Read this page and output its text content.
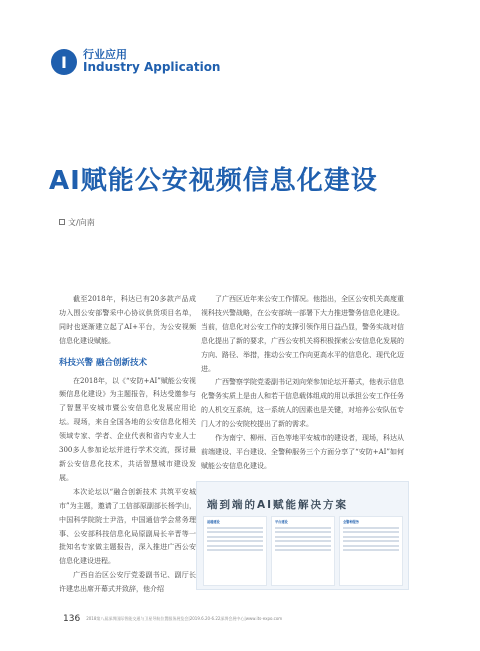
I	行业应用
Industry Application
AI赋能公安视频信息化建设
文/向南

截至2018年，科达已有20多款产品成功入围公安部警采中心协议供货项目名单，同时也逐渐建立起了AI+平台，为公安视频信息化建设赋能。

科技兴警 融合创新技术

在2018年，以《“安防+AI”赋能公安视频信息化建设》为主题报告，科达受邀参与了智慧平安城市暨公安信息化发展应用论坛。现场，来自全国各地的公安信息化相关领域专家、学者、企业代表和省内专业人士300多人参加论坛并进行学术交流，探讨最新公安信息化技术，共话智慧城市建设发展。

本次论坛以“融合创新技术 共筑平安城市”为主题，邀请了工信部原副部长杨学山，中国科学院院士尹浩，中国通信学会常务理事、公安部科技信息化局原副局长辛晋等一批知名专家做主题报告，深入推进广西公安信息化建设进程。

广西自治区公安厅党委副书记、副厅长许建忠出席开幕式并致辞，他介绍

了广西区近年来公安工作情况。他指出，全区公安机关高度重视科技兴警战略，在公安部统一部署下大力推进警务信息化建设。当前，信息化对公安工作的支撑引领作用日益凸显，警务实战对信息化提出了新的要求，广西公安机关将积极探索公安信息化发展的方向、路径、举措，推动公安工作向更高水平的信息化、现代化迈进。

广西警察学院党委副书记刘向荣参加论坛开幕式，他表示信息化警务实质上是由人和若干信息载体组成的用以承担公安工作任务的人机交互系统，这一系统人的因素也是关键，对培养公安队伍专门人才的公安院校提出了新的需求。

作为南宁、柳州、百色等地平安城市的建设者，现场，科达从前端建设、平台建设、全警种服务三个方面分享了“安防+AI”如何赋能公安信息化建设。

端到端的AI赋能解决方案
前端建设	平台建设	全警种服务
136 2018第八届深圳国际智能交通与卫星导航位置服务展览会|2019.6.20-6.22深圳会展中心|www.its-expo.com
